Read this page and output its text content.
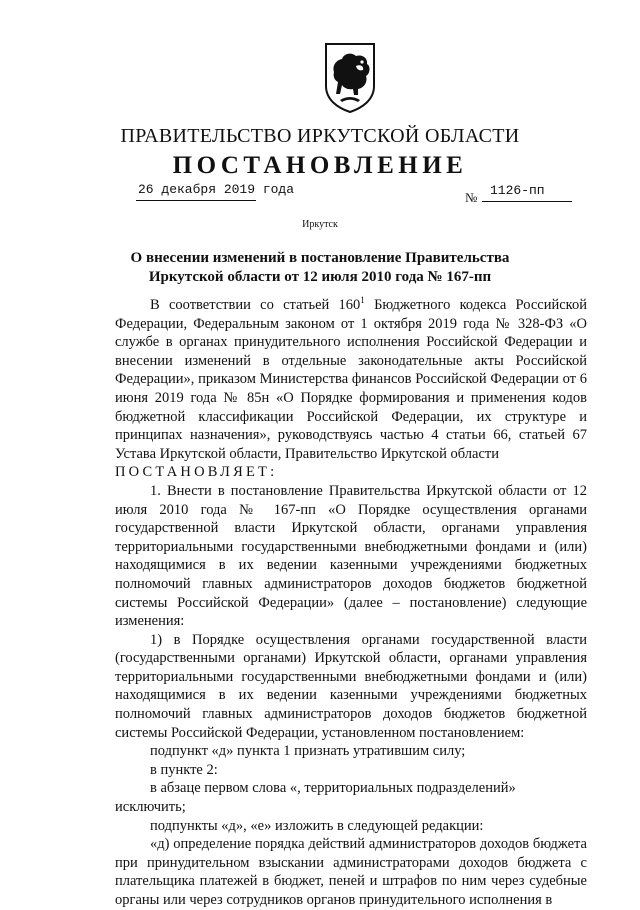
ПРАВИТЕЛЬСТВО ИРКУТСКОЙ ОБЛАСТИ
ПОСТАНОВЛЕНИЕ
26 декабря 2019 года
№ 1126-пп
Иркутск
О внесении изменений в постановление Правительства Иркутской области от 12 июля 2010 года № 167-пп

В соответствии со статьей $160^1$ Бюджетного кодекса Российской Федерации, Федеральным законом от 1 октября 2019 года № 328-ФЗ «О службе в органах принудительного исполнения Российской Федерации и внесении изменений в отдельные законодательные акты Российской Федерации», приказом Министерства финансов Российской Федерации от 6 июня 2019 года № 85н «О Порядке формирования и применения кодов бюджетной классификации Российской Федерации, их структуре и принципах назначения», руководствуясь частью 4 статьи 66, статьей 67 Устава Иркутской области, Правительство Иркутской области

ПОСТАНОВЛЯЕТ:

1. Внести в постановление Правительства Иркутской области от 12 июля 2010 года № 167-пп «О Порядке осуществления органами государственной власти Иркутской области, органами управления территориальными государственными внебюджетными фондами и (или) находящимися в их ведении казенными учреждениями бюджетных полномочий главных администраторов доходов бюджетов бюджетной системы Российской Федерации» (далее – постановление) следующие изменения:

1) в Порядке осуществления органами государственной власти (государственными органами) Иркутской области, органами управления территориальными государственными внебюджетными фондами и (или) находящимися в их ведении казенными учреждениями бюджетных полномочий главных администраторов доходов бюджетов бюджетной системы Российской Федерации, установленном постановлением:

подпункт «д» пункта 1 признать утратившим силу;

в пункте 2:

в абзаце первом слова «, территориальных подразделений» исключить;

подпункты «д», «е» изложить в следующей редакции:

«д) определение порядка действий администраторов доходов бюджета при принудительном взыскании администраторами доходов бюджета с плательщика платежей в бюджет, пеней и штрафов по ним через судебные органы или через сотрудников органов принудительного исполнения в
